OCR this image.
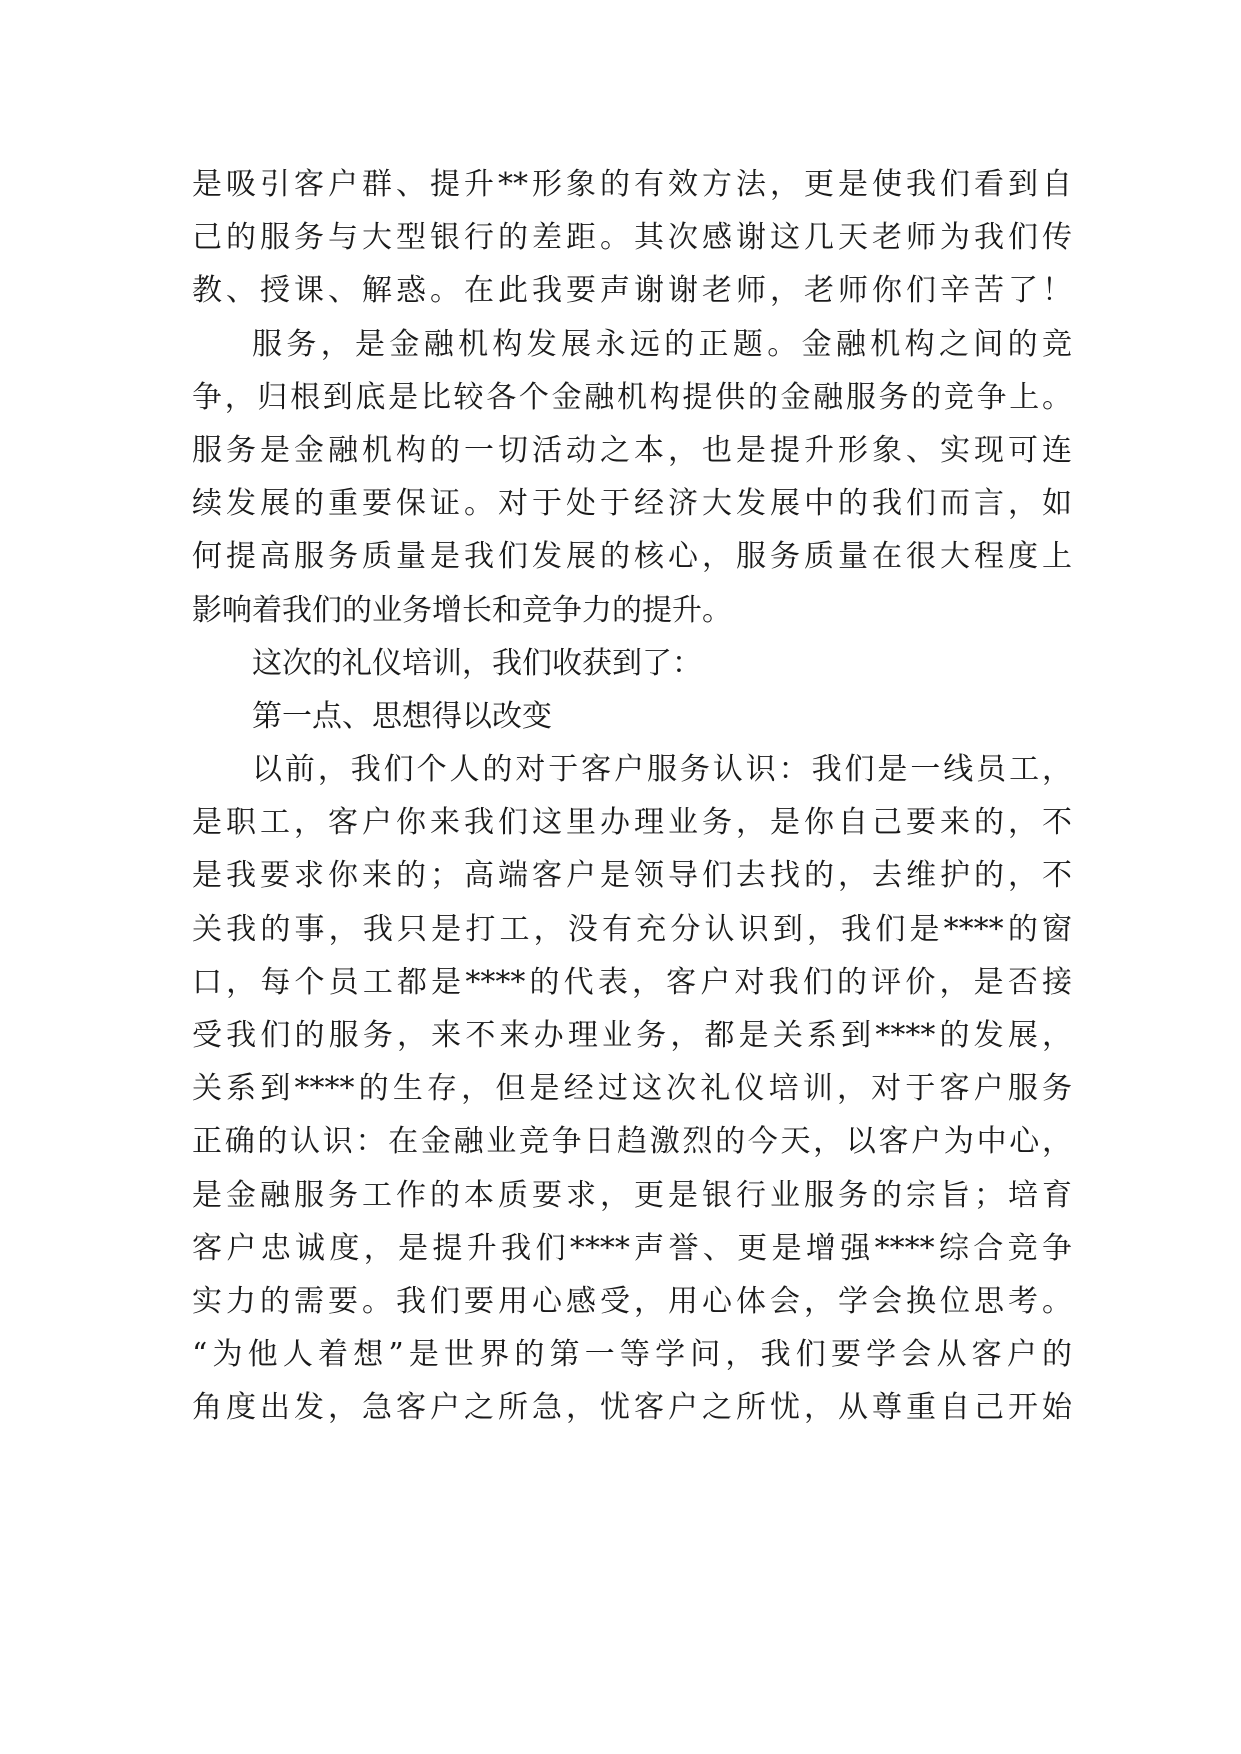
是吸引客户群、提升**形象的有效方法，更是使我们看到自
己的服务与大型银行的差距。其次感谢这几天老师为我们传
教、授课、解惑。在此我要声谢谢老师，老师你们辛苦了！
服务，是金融机构发展永远的正题。金融机构之间的竞
争，归根到底是比较各个金融机构提供的金融服务的竞争上。
服务是金融机构的一切活动之本，也是提升形象、实现可连
续发展的重要保证。对于处于经济大发展中的我们而言，如
何提高服务质量是我们发展的核心，服务质量在很大程度上
影响着我们的业务增长和竞争力的提升。
这次的礼仪培训，我们收获到了：
第一点、思想得以改变
以前，我们个人的对于客户服务认识：我们是一线员工，
是职工，客户你来我们这里办理业务，是你自己要来的，不
是我要求你来的；高端客户是领导们去找的，去维护的，不
关我的事，我只是打工，没有充分认识到，我们是****的窗
口，每个员工都是****的代表，客户对我们的评价，是否接
受我们的服务，来不来办理业务，都是关系到****的发展，
关系到****的生存，但是经过这次礼仪培训，对于客户服务
正确的认识：在金融业竞争日趋激烈的今天，以客户为中心，
是金融服务工作的本质要求，更是银行业服务的宗旨；培育
客户忠诚度，是提升我们****声誉、更是增强****综合竞争
实力的需要。我们要用心感受，用心体会，学会换位思考。
“为他人着想”是世界的第一等学问，我们要学会从客户的
角度出发，急客户之所急，忧客户之所忧，从尊重自己开始
